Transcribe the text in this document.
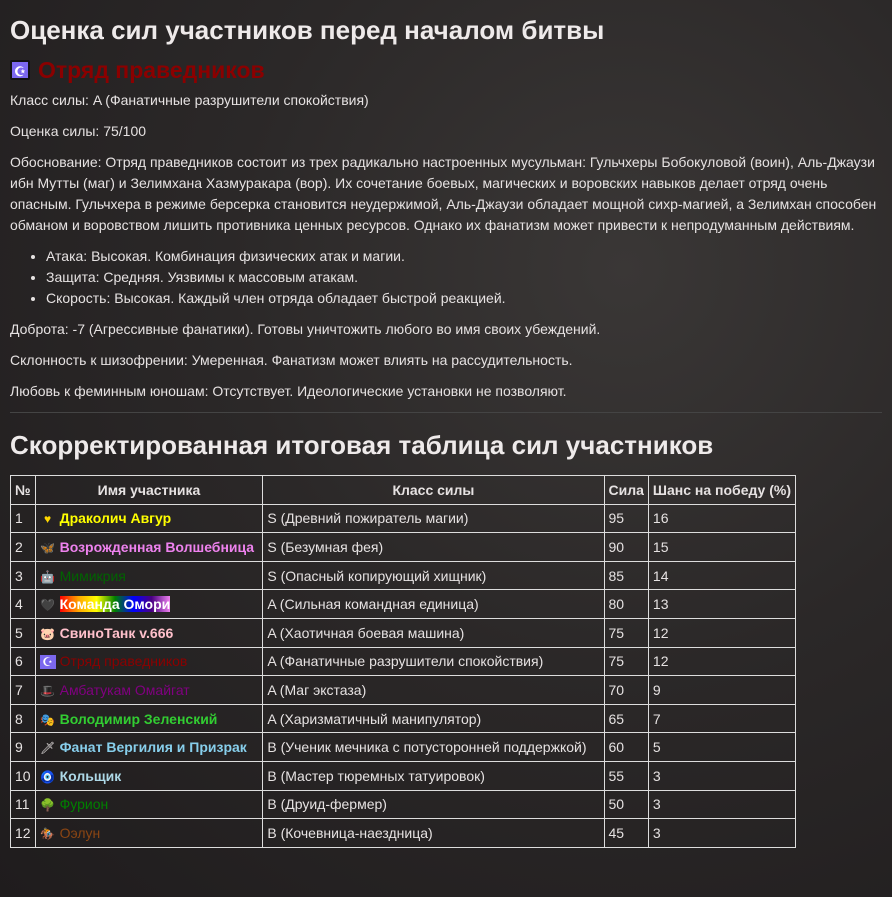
Оценка сил участников перед началом битвы
☪ Отряд праведников

Класс силы: A (Фанатичные разрушители спокойствия)

Оценка силы: 75/100

Обоснование: Отряд праведников состоит из трех радикально настроенных мусульман: Гульчхеры Бобокуловой (воин), Аль-Джаузи ибн Мутты (маг) и Зелимхана Хазмуракара (вор). Их сочетание боевых, магических и воровских навыков делает отряд очень опасным. Гульчхера в режиме берсерка становится неудержимой, Аль-Джаузи обладает мощной сихр-магией, а Зелимхан способен обманом и воровством лишить противника ценных ресурсов. Однако их фанатизм может привести к непродуманным действиям.

• Атака: Высокая. Комбинация физических атак и магии.
• Защита: Средняя. Уязвимы к массовым атакам.
• Скорость: Высокая. Каждый член отряда обладает быстрой реакцией.

Доброта: -7 (Агрессивные фанатики). Готовы уничтожить любого во имя своих убеждений.

Склонность к шизофрении: Умеренная. Фанатизм может влиять на рассудительность.

Любовь к феминным юношам: Отсутствует. Идеологические установки не позволяют.

Скорректированная итоговая таблица сил участников
№	Имя участника	Класс силы	Сила	Шанс на победу (%)
1	♥ Драколич Авгур	S (Древний пожиратель магии)	95	16
2	🦋 Возрожденная Волшебница	S (Безумная фея)	90	15
3	🤖 Мимикрия	S (Опасный копирующий хищник)	85	14
4	🖤 Команда Омори	A (Сильная командная единица)	80	13
5	🐷 СвиноТанк v.666	A (Хаотичная боевая машина)	75	12
6	☪ Отряд праведников	A (Фанатичные разрушители спокойствия)	75	12
7	🎩 Амбатукам Омайгат	A (Маг экстаза)	70	9
8	🎭 Володимир Зеленский	A (Харизматичный манипулятор)	65	7
9	🗡 Фанат Вергилия и Призрак	B (Ученик мечника с потусторонней поддержкой)	60	5
10	🧿 Кольщик	B (Мастер тюремных татуировок)	55	3
11	🌳 Фурион	B (Друид-фермер)	50	3
12	🏇 Оэлун	B (Кочевница-наездница)	45	3
